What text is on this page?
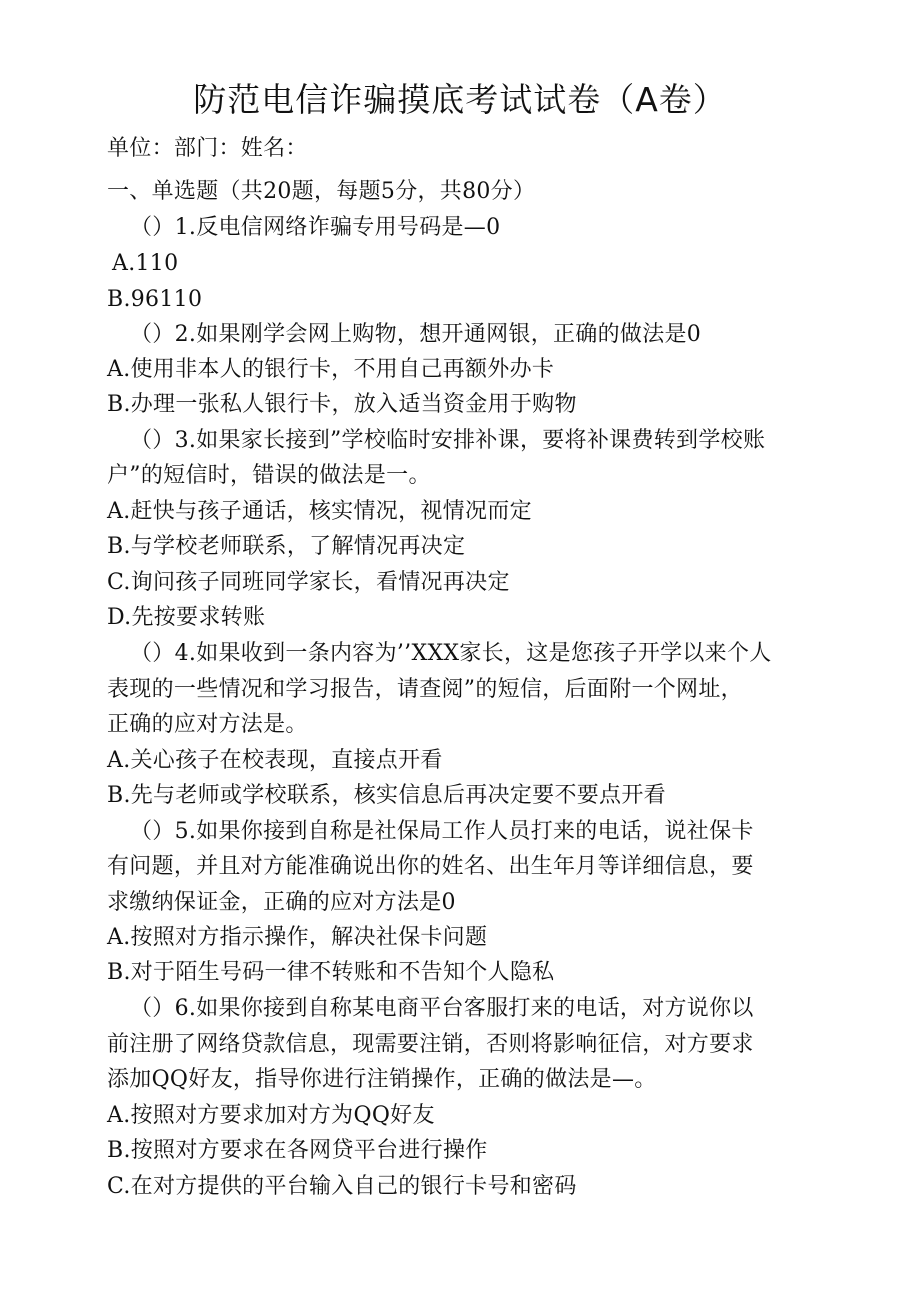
防范电信诈骗摸底考试试卷（A卷）
单位：部门：姓名：
一、单选题（共20题，每题5分，共80分）
（）1.反电信网络诈骗专用号码是—0
A.110
B.96110
（）2.如果刚学会网上购物，想开通网银，正确的做法是0
A.使用非本人的银行卡，不用自己再额外办卡
B.办理一张私人银行卡，放入适当资金用于购物
（）3.如果家长接到”学校临时安排补课，要将补课费转到学校账
户”的短信时，错误的做法是一。
A.赶快与孩子通话，核实情况，视情况而定
B.与学校老师联系，了解情况再决定
C.询问孩子同班同学家长，看情况再决定
D.先按要求转账
（）4.如果收到一条内容为’’XXX家长，这是您孩子开学以来个人
表现的一些情况和学习报告，请查阅”的短信，后面附一个网址，
正确的应对方法是。
A.关心孩子在校表现，直接点开看
B.先与老师或学校联系，核实信息后再决定要不要点开看
（）5.如果你接到自称是社保局工作人员打来的电话，说社保卡
有问题，并且对方能准确说出你的姓名、出生年月等详细信息，要
求缴纳保证金，正确的应对方法是0
A.按照对方指示操作，解决社保卡问题
B.对于陌生号码一律不转账和不告知个人隐私
（）6.如果你接到自称某电商平台客服打来的电话，对方说你以
前注册了网络贷款信息，现需要注销，否则将影响征信，对方要求
添加QQ好友，指导你进行注销操作，正确的做法是—。
A.按照对方要求加对方为QQ好友
B.按照对方要求在各网贷平台进行操作
C.在对方提供的平台输入自己的银行卡号和密码
